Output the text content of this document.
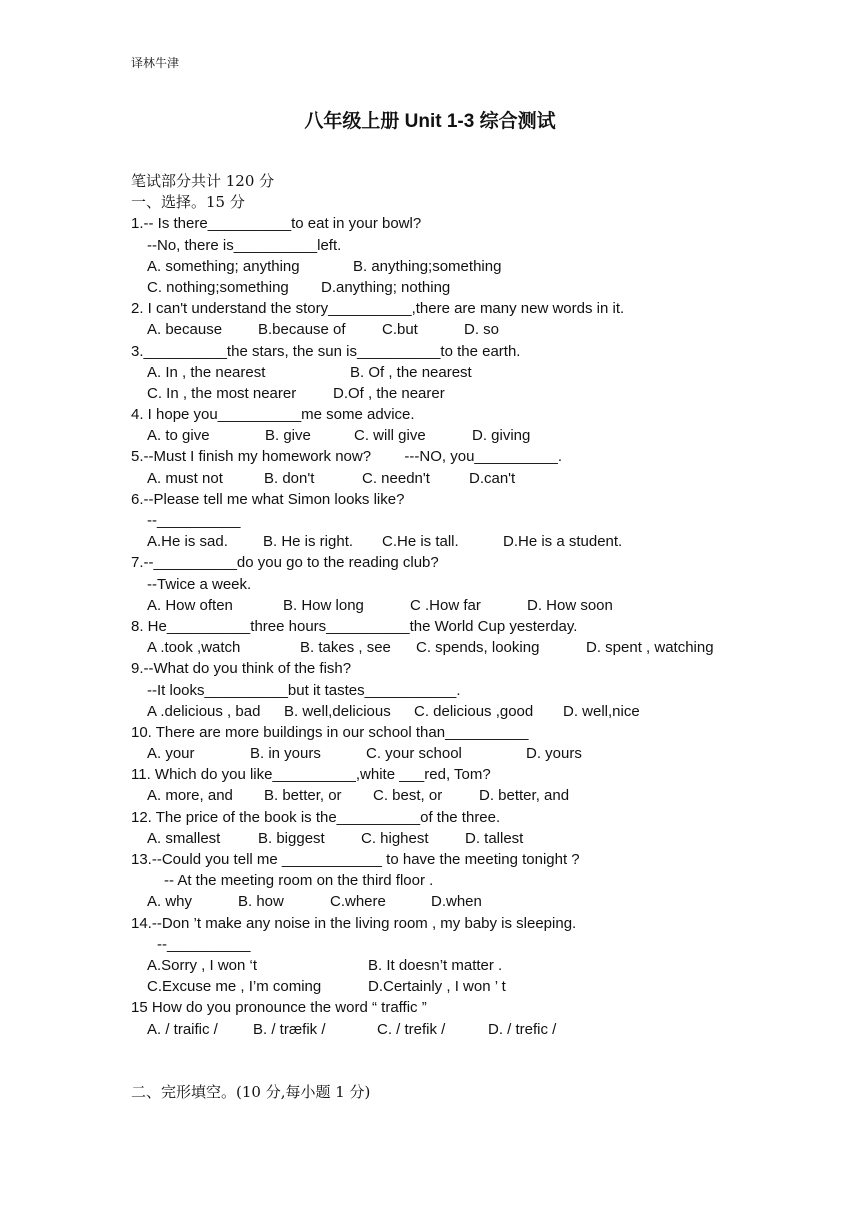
译林牛津
八年级上册 Unit 1-3 综合测试
笔试部分共计 120 分
一、选择。15 分
1.-- Is there__________to eat in your bowl?
--No, there is__________left.

A. something; anything

	B. anything;something

C. nothing;something

D.anything; nothing

2. I can't understand the story__________,there are many new words in it.

A. because

B.because of

C.but

	D. so

3.__________the stars, the sun is__________to the earth.

A. In , the nearest

	B. Of , the nearest

C. In , the most nearer

D.Of , the nearer

4. I hope you__________me some advice.

A. to give

	B. give

	C. will give

	D. giving

5.--Must I finish my homework now?        ---NO, you__________.

A. must not

	B. don't

	C. needn't

	D.can't

6.--Please tell me what Simon looks like?
--__________

A.He is sad.

B. He is right.

C.He is tall.

	D.He is a student.

7.--__________do you go to the reading club?
--Twice a week.

A. How often

	B. How long

	C .How far

	D. How soon

8. He__________three hours__________the World Cup yesterday.

A .took ,watch

	B. takes , see

C. spends, looking

	D. spent , watching

9.--What do you think of the fish?
--It looks__________but it tastes___________.

A .delicious , bad

B. well,delicious

C. delicious ,good

D. well,nice

10. There are more buildings in our school than__________

A. your

	B. in yours

	C. your school

	D. yours

11. Which do you like__________,white ___red, Tom?

A. more, and

B. better, or

C. best, or

D. better, and

12. The price of the book is the__________of the three.

A. smallest

	B. biggest

C. highest

D. tallest

13.--Could you tell me ____________ to have the meeting tonight ?
-- At the meeting room on the third floor .

A. why

	B. how

	C.where

	D.when

14.--Don ’t make any noise in the living room , my baby is sleeping.
--__________

A.Sorry , I won ‘t

	B. It doesn’t matter .

C.Excuse me , I’m coming

	D.Certainly , I won ’ t

15 How do you pronounce the word “ traffic ”

A. / traific /

B. / træfik /

	C. / trefik /

	D. / trefic /

二、完形填空。(10 分,每小题 1 分)
